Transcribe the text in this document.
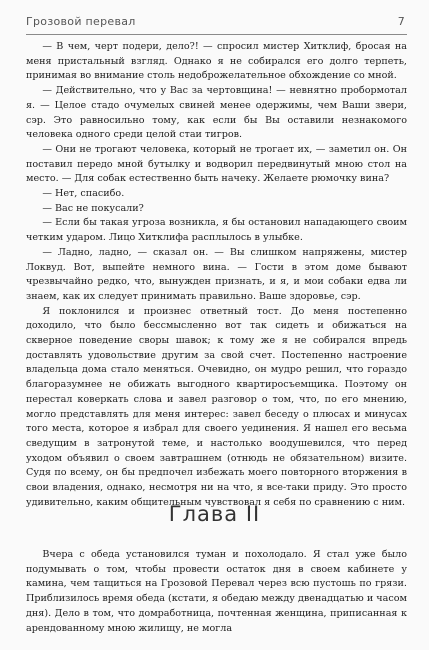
Грозовой перевал	7

— В чем, черт подери, дело?! — спросил мистер Хитклиф, бросая на меня пристальный взгляд. Однако я не собирался его долго терпеть, принимая во внимание столь недоброжелательное обхождение со мной.

— Действительно, что у Вас за чертовщина! — невнятно пробормотал я. — Целое стадо очумелых свиней менее одержимы, чем Ваши звери, сэр. Это равносильно тому, как если бы Вы оставили незнакомого человека одного среди целой стаи тигров.

— Они не трогают человека, который не трогает их, — заметил он. Он поставил передо мной бутылку и водворил передвинутый мною стол на место. — Для собак естественно быть начеку. Желаете рюмочку вина?

— Нет, спасибо.

— Вас не покусали?

— Если бы такая угроза возникла, я бы остановил нападающего своим четким ударом. Лицо Хитклифа расплылось в улыбке.

— Ладно, ладно, — сказал он. — Вы слишком напряжены, мистер Локвуд. Вот, выпейте немного вина. — Гости в этом доме бывают чрезвычайно редко, что, вынужден признать, и я, и мои собаки едва ли знаем, как их следует принимать правильно. Ваше здоровье, сэр.

Я поклонился и произнес ответный тост. До меня постепенно доходило, что было бессмысленно вот так сидеть и обижаться на скверное поведение своры шавок; к тому же я не собирался впредь доставлять удовольствие другим за свой счет. Постепенно настроение владельца дома стало меняться. Очевидно, он мудро решил, что гораздо благоразумнее не обижать выгодного квартиросъемщика. Поэтому он перестал коверкать слова и завел разговор о том, что, по его мнению, могло представлять для меня интерес: завел беседу о плюсах и минусах того места, которое я избрал для своего уединения. Я нашел его весьма сведущим в затронутой теме, и настолько воодушевился, что перед уходом объявил о своем завтрашнем (отнюдь не обязательном) визите. Судя по всему, он бы предпочел избежать моего повторного вторжения в свои владения, однако, несмотря ни на что, я все-таки приду. Это просто удивительно, каким общительным чувствовал я себя по сравнению с ним.

Глава II

Вчера с обеда установился туман и похолодало. Я стал уже было подумывать о том, чтобы провести остаток дня в своем кабинете у камина, чем тащиться на Грозовой Перевал через всю пустошь по грязи. Приблизилось время обеда (кстати, я обедаю между двенадцатью и часом дня). Дело в том, что домработница, почтенная женщина, приписанная к арендованному мною жилищу, не могла
